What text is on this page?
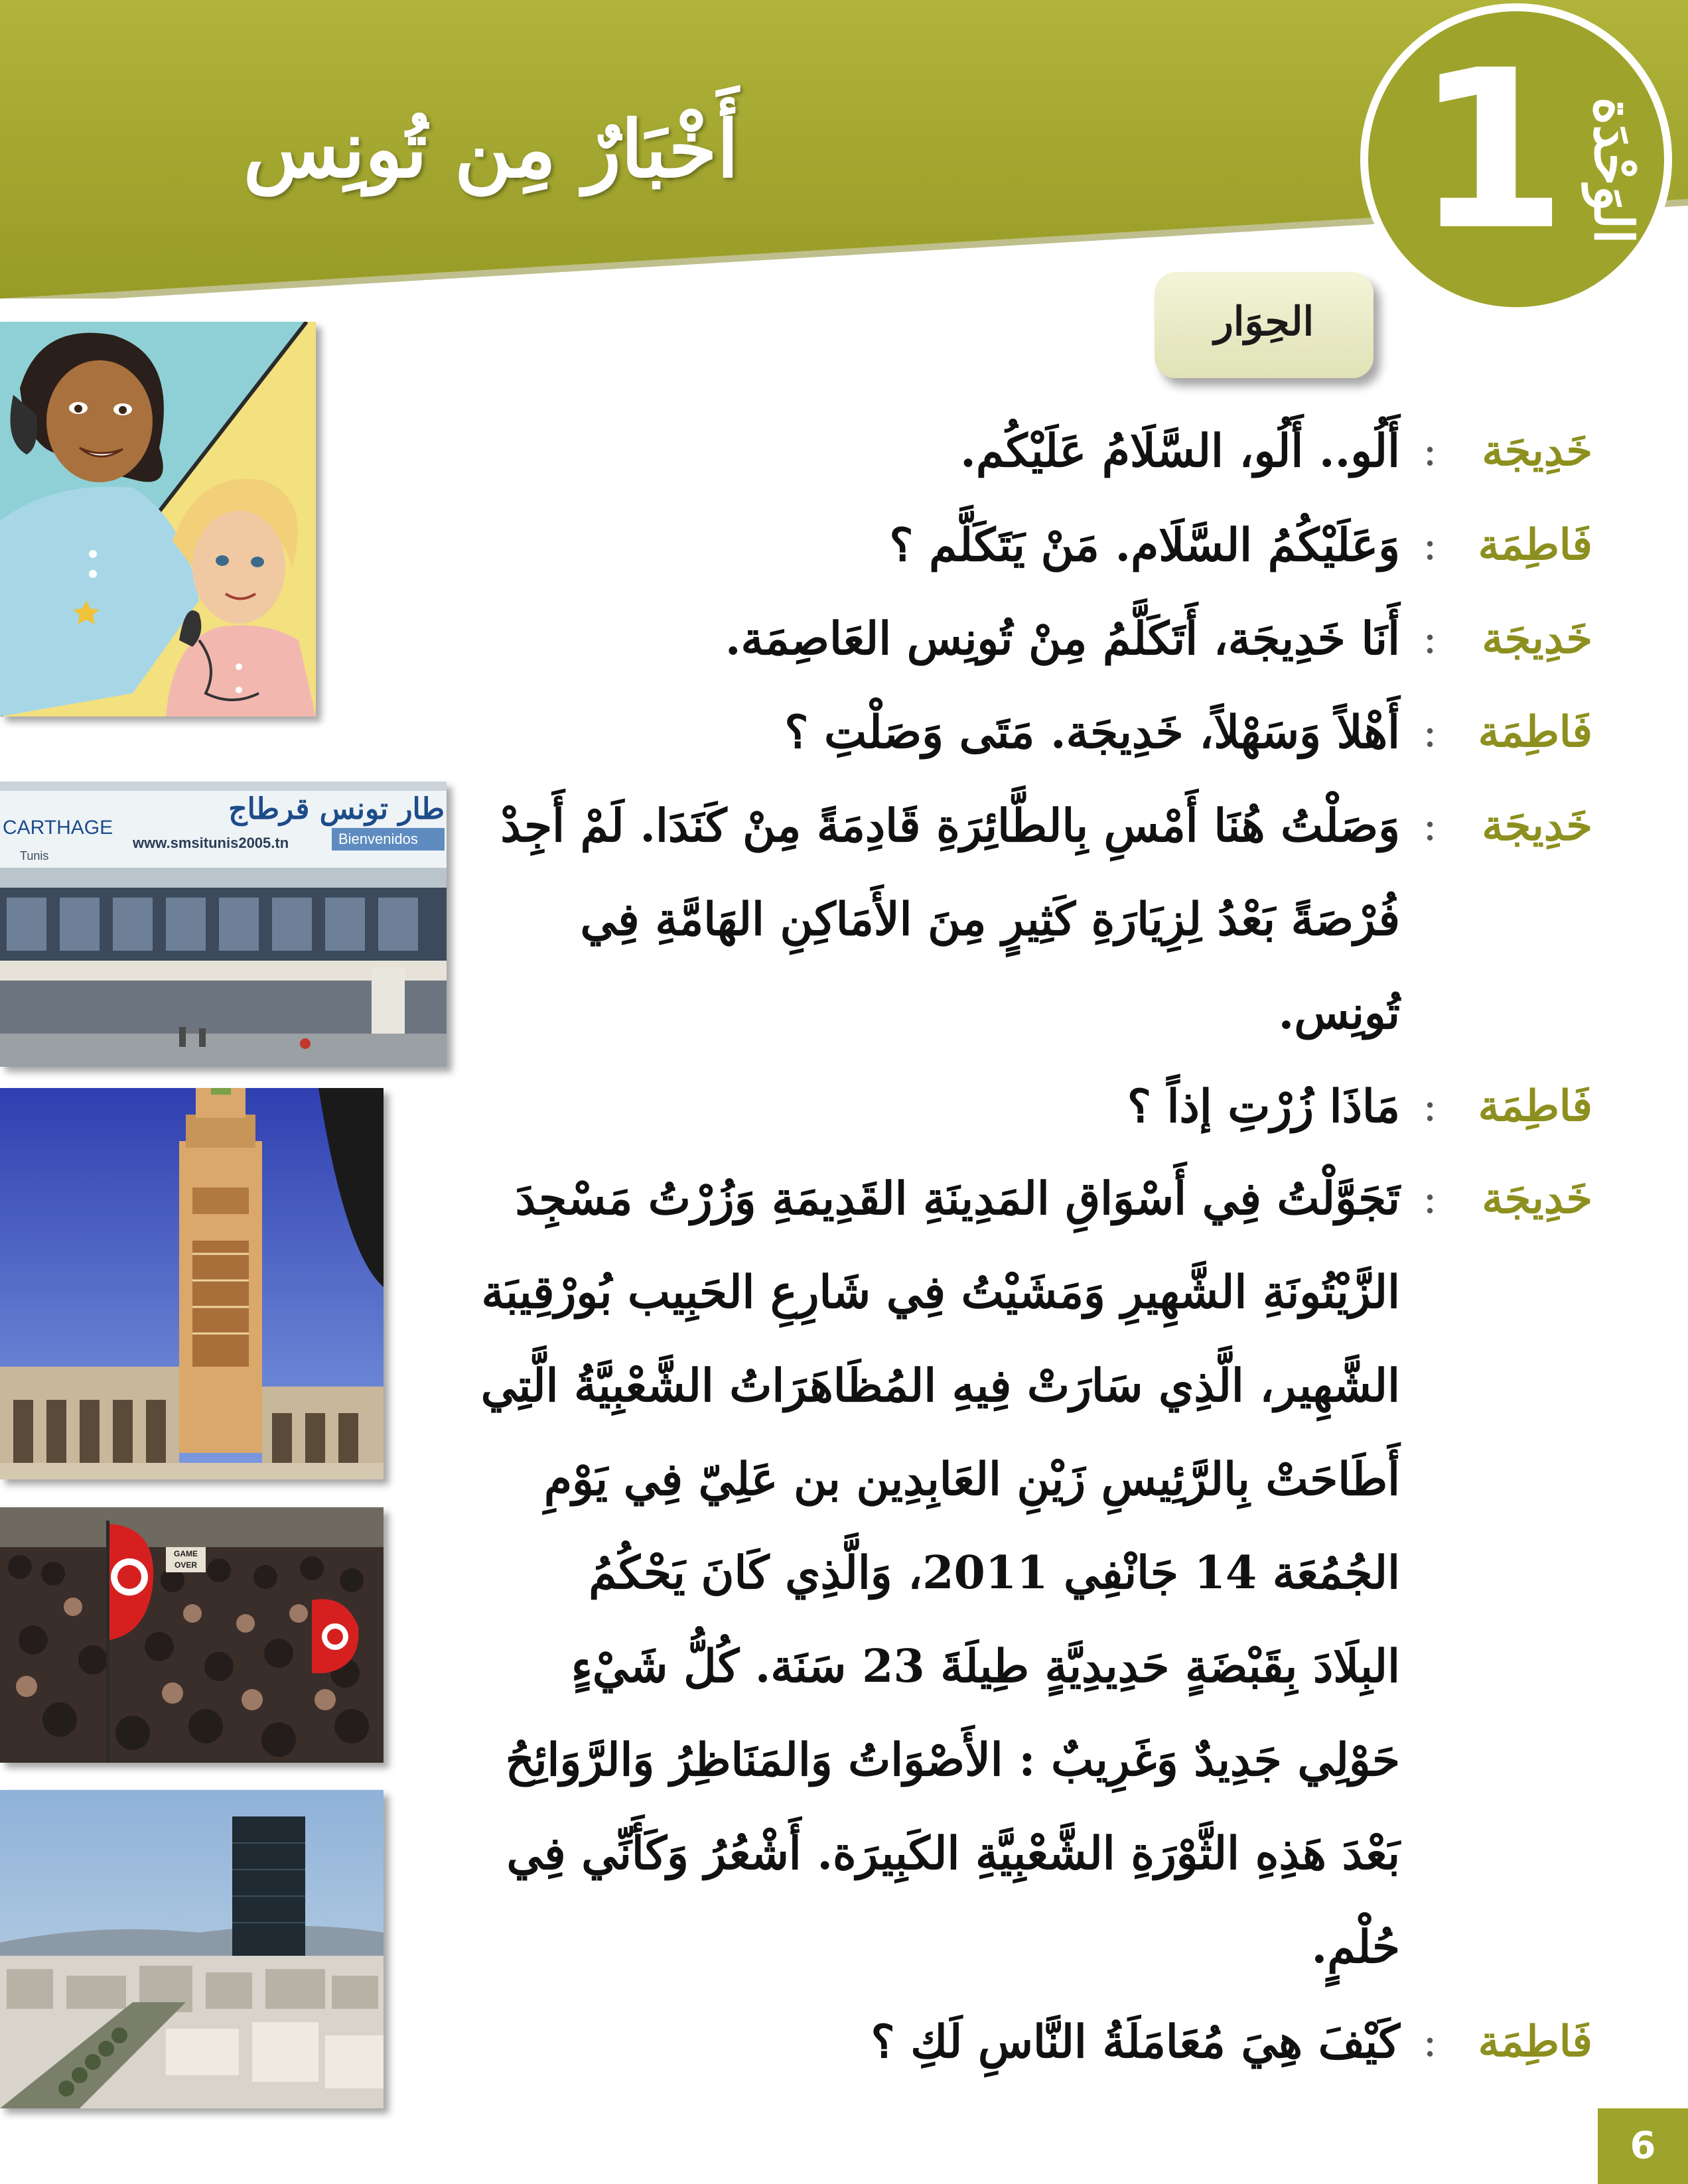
أَخْبَارٌ مِن تُونِس	1 الوَحْدَة
الحِوَار
طار تونس قرطاج
CARTHAGE
www.smsitunis2005.tn	Bienvenidos
Tunis
GAME OVER
خَدِيجَة
:
أَلُو.. أَلُو، السَّلَامُ عَلَيْكُم.
فَاطِمَة
:
وَعَلَيْكُمُ السَّلَام. مَنْ يَتَكَلَّم ؟
خَدِيجَة
:
أَنَا خَدِيجَة، أَتَكَلَّمُ مِنْ تُونِس العَاصِمَة.
فَاطِمَة
:
أَهْلاً وَسَهْلاً، خَدِيجَة. مَتَى وَصَلْتِ ؟
خَدِيجَة
:
وَصَلْتُ هُنَا أَمْسِ بِالطَّائِرَةِ قَادِمَةً مِنْ كَنَدَا. لَمْ أَجِدْ
فُرْصَةً بَعْدُ لِزِيَارَةِ كَثِيرٍ مِنَ الأَمَاكِنِ الهَامَّةِ فِي
تُونِس.
فَاطِمَة
:
مَاذَا زُرْتِ إذاً ؟
خَدِيجَة
:
تَجَوَّلْتُ فِي أَسْوَاقِ المَدِينَةِ القَدِيمَةِ وَزُرْتُ مَسْجِدَ
الزَّيْتُونَةِ الشَّهِيرِ وَمَشَيْتُ فِي شَارِعِ الحَبِيب بُورْقِيبَة
الشَّهِير، الَّذِي سَارَتْ فِيهِ المُظَاهَرَاتُ الشَّعْبِيَّةُ الَّتِي
أَطَاحَتْ بِالرَّئِيسِ زَيْنِ العَابِدِين بن عَلِيّ فِي يَوْمِ
الجُمُعَة 14 جَانْفِي 2011، وَالَّذِي كَانَ يَحْكُمُ
البِلَادَ بِقَبْضَةٍ حَدِيدِيَّةٍ طِيلَةَ 23 سَنَة. كُلُّ شَيْءٍ
حَوْلِي جَدِيدٌ وَغَرِيبٌ : الأَصْوَاتُ وَالمَنَاظِرُ وَالرَّوَائِحُ
بَعْدَ هَذِهِ الثَّوْرَةِ الشَّعْبِيَّةِ الكَبِيرَة. أَشْعُرُ وَكَأَنِّي فِي
حُلْمٍ.
فَاطِمَة
:
كَيْفَ هِيَ مُعَامَلَةُ النَّاسِ لَكِ ؟
6
